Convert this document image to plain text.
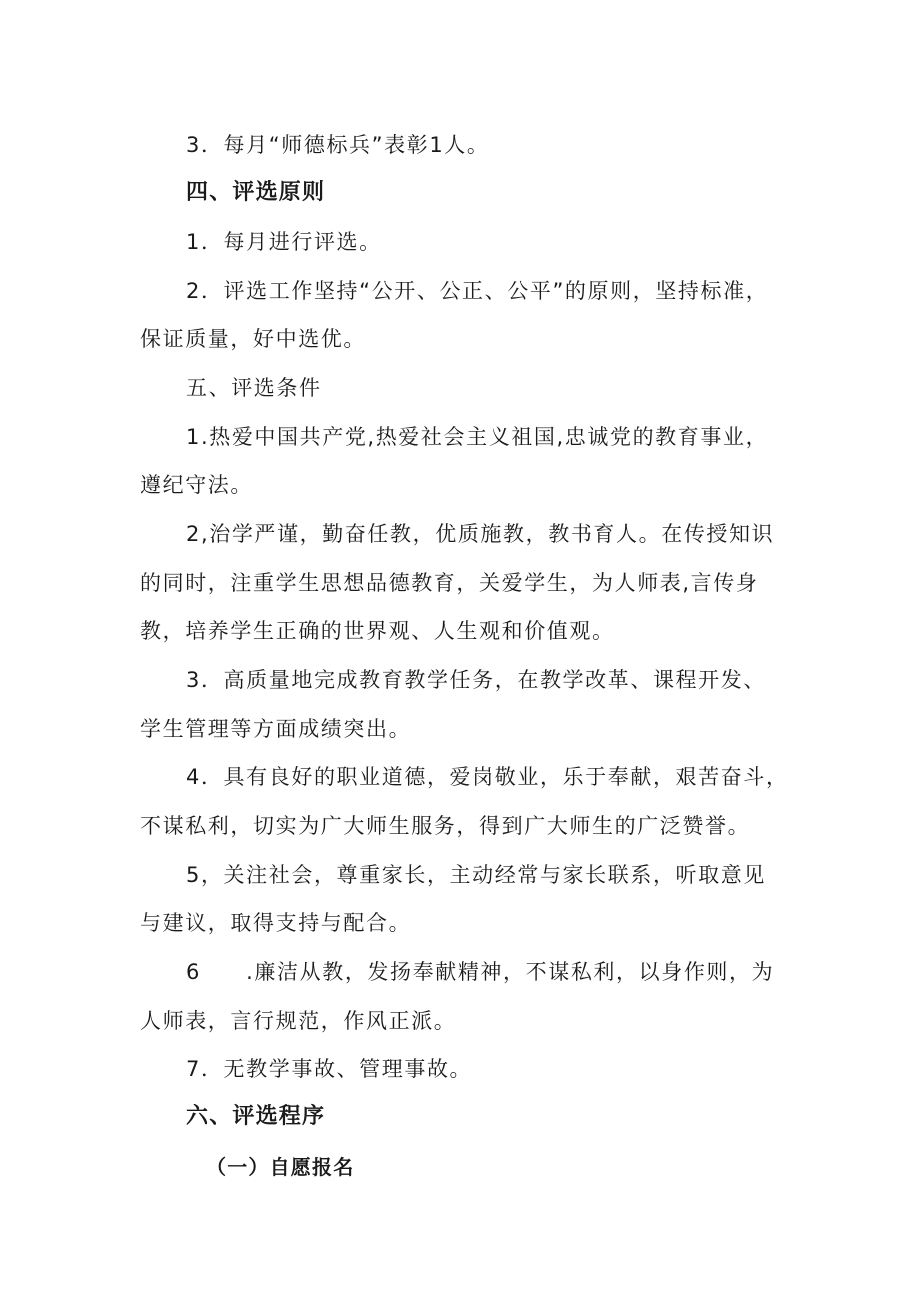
3．每月“师德标兵”表彰1人。
四、评选原则
1．每月进行评选。
2．评选工作坚持“公开、公正、公平”的原则，坚持标准，
保证质量，好中选优。
五、评选条件
1.热爱中国共产党,热爱社会主义祖国,忠诚党的教育事业，
遵纪守法。
2,治学严谨，勤奋任教，优质施教，教书育人。在传授知识
的同时，注重学生思想品德教育，关爱学生，为人师表,言传身
教，培养学生正确的世界观、人生观和价值观。
3．高质量地完成教育教学任务，在教学改革、课程开发、
学生管理等方面成绩突出。
4．具有良好的职业道德，爱岗敬业，乐于奉献，艰苦奋斗，
不谋私利，切实为广大师生服务，得到广大师生的广泛赞誉。
5，关注社会，尊重家长，主动经常与家长联系，听取意见
与建议，取得支持与配合。
6　　.廉洁从教，发扬奉献精神，不谋私利，以身作则，为
人师表，言行规范，作风正派。
7．无教学事故、管理事故。
六、评选程序
（一）自愿报名
